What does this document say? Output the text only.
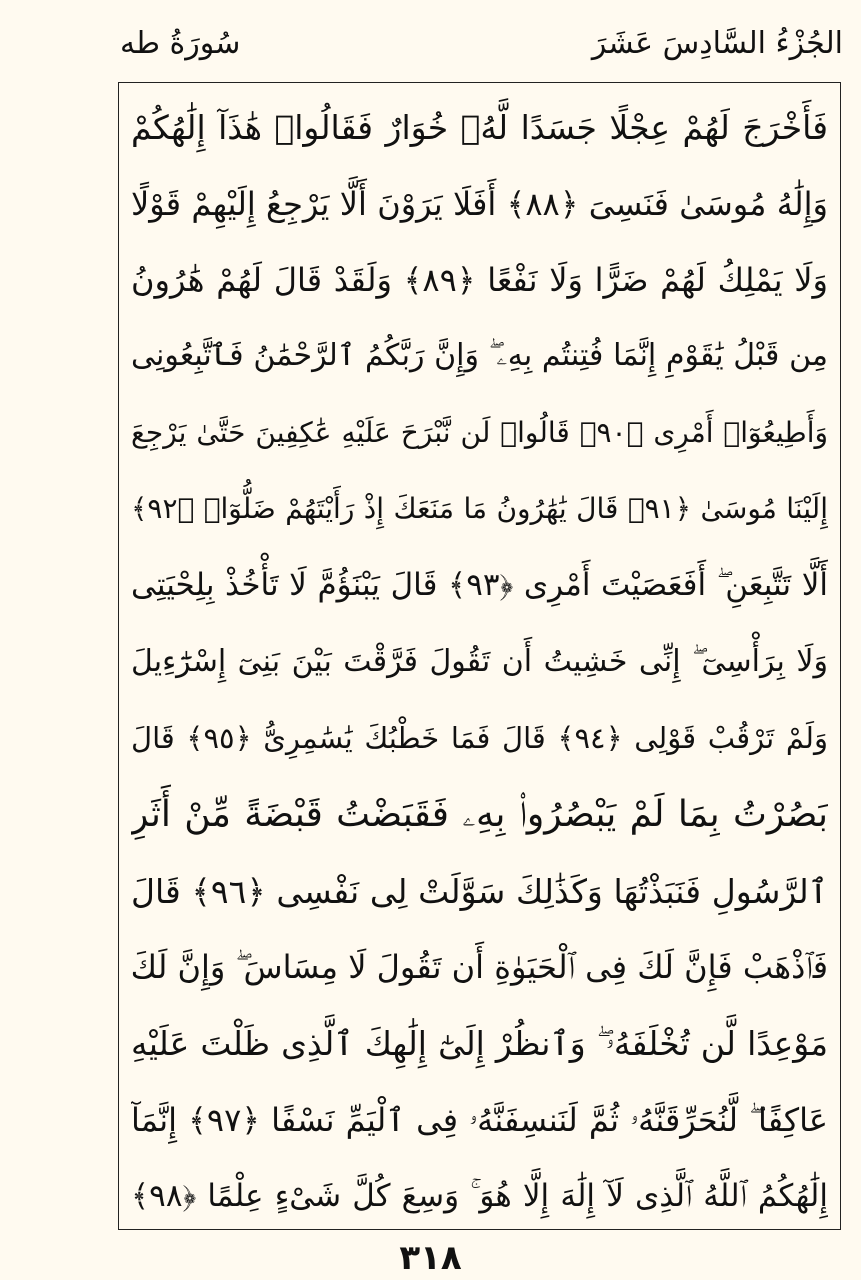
الجُزْءُ السَّادِسَ عَشَرَ
سُورَةُ طه
فَأَخْرَجَ لَهُمْ عِجْلًا جَسَدًا لَّهُۥ خُوَارٌ فَقَالُوا۟ هَٰذَآ إِلَٰهُكُمْ
وَإِلَٰهُ مُوسَىٰ فَنَسِىَ ﴿٨٨﴾ أَفَلَا يَرَوْنَ أَلَّا يَرْجِعُ إِلَيْهِمْ قَوْلًا
وَلَا يَمْلِكُ لَهُمْ ضَرًّا وَلَا نَفْعًا ﴿٨٩﴾ وَلَقَدْ قَالَ لَهُمْ هَٰرُونُ
مِن قَبْلُ يَٰقَوْمِ إِنَّمَا فُتِنتُم بِهِۦ ۖ وَإِنَّ رَبَّكُمُ ٱلرَّحْمَٰنُ فَٱتَّبِعُونِى
وَأَطِيعُوٓا۟ أَمْرِى ﴿٩٠﴾ قَالُوا۟ لَن نَّبْرَحَ عَلَيْهِ عَٰكِفِينَ حَتَّىٰ يَرْجِعَ
إِلَيْنَا مُوسَىٰ ﴿٩١﴾ قَالَ يَٰهَٰرُونُ مَا مَنَعَكَ إِذْ رَأَيْتَهُمْ ضَلُّوٓا۟ ﴿٩٢﴾
أَلَّا تَتَّبِعَنِ ۖ أَفَعَصَيْتَ أَمْرِى ﴿٩٣﴾ قَالَ يَبْنَؤُمَّ لَا تَأْخُذْ بِلِحْيَتِى
وَلَا بِرَأْسِىٓ ۖ إِنِّى خَشِيتُ أَن تَقُولَ فَرَّقْتَ بَيْنَ بَنِىٓ إِسْرَٰٓءِيلَ
وَلَمْ تَرْقُبْ قَوْلِى ﴿٩٤﴾ قَالَ فَمَا خَطْبُكَ يَٰسَٰمِرِىُّ ﴿٩٥﴾ قَالَ
بَصُرْتُ بِمَا لَمْ يَبْصُرُوا۟ بِهِۦ فَقَبَضْتُ قَبْضَةً مِّنْ أَثَرِ
ٱلرَّسُولِ فَنَبَذْتُهَا وَكَذَٰلِكَ سَوَّلَتْ لِى نَفْسِى ﴿٩٦﴾ قَالَ
فَٱذْهَبْ فَإِنَّ لَكَ فِى ٱلْحَيَوٰةِ أَن تَقُولَ لَا مِسَاسَ ۖ وَإِنَّ لَكَ
مَوْعِدًا لَّن تُخْلَفَهُۥ ۖ وَٱنظُرْ إِلَىٰٓ إِلَٰهِكَ ٱلَّذِى ظَلْتَ عَلَيْهِ
عَاكِفًا ۖ لَّنُحَرِّقَنَّهُۥ ثُمَّ لَنَنسِفَنَّهُۥ فِى ٱلْيَمِّ نَسْفًا ﴿٩٧﴾ إِنَّمَآ
إِلَٰهُكُمُ ٱللَّهُ ٱلَّذِى لَآ إِلَٰهَ إِلَّا هُوَ ۚ وَسِعَ كُلَّ شَىْءٍ عِلْمًا ﴿٩٨﴾
٣١٨
